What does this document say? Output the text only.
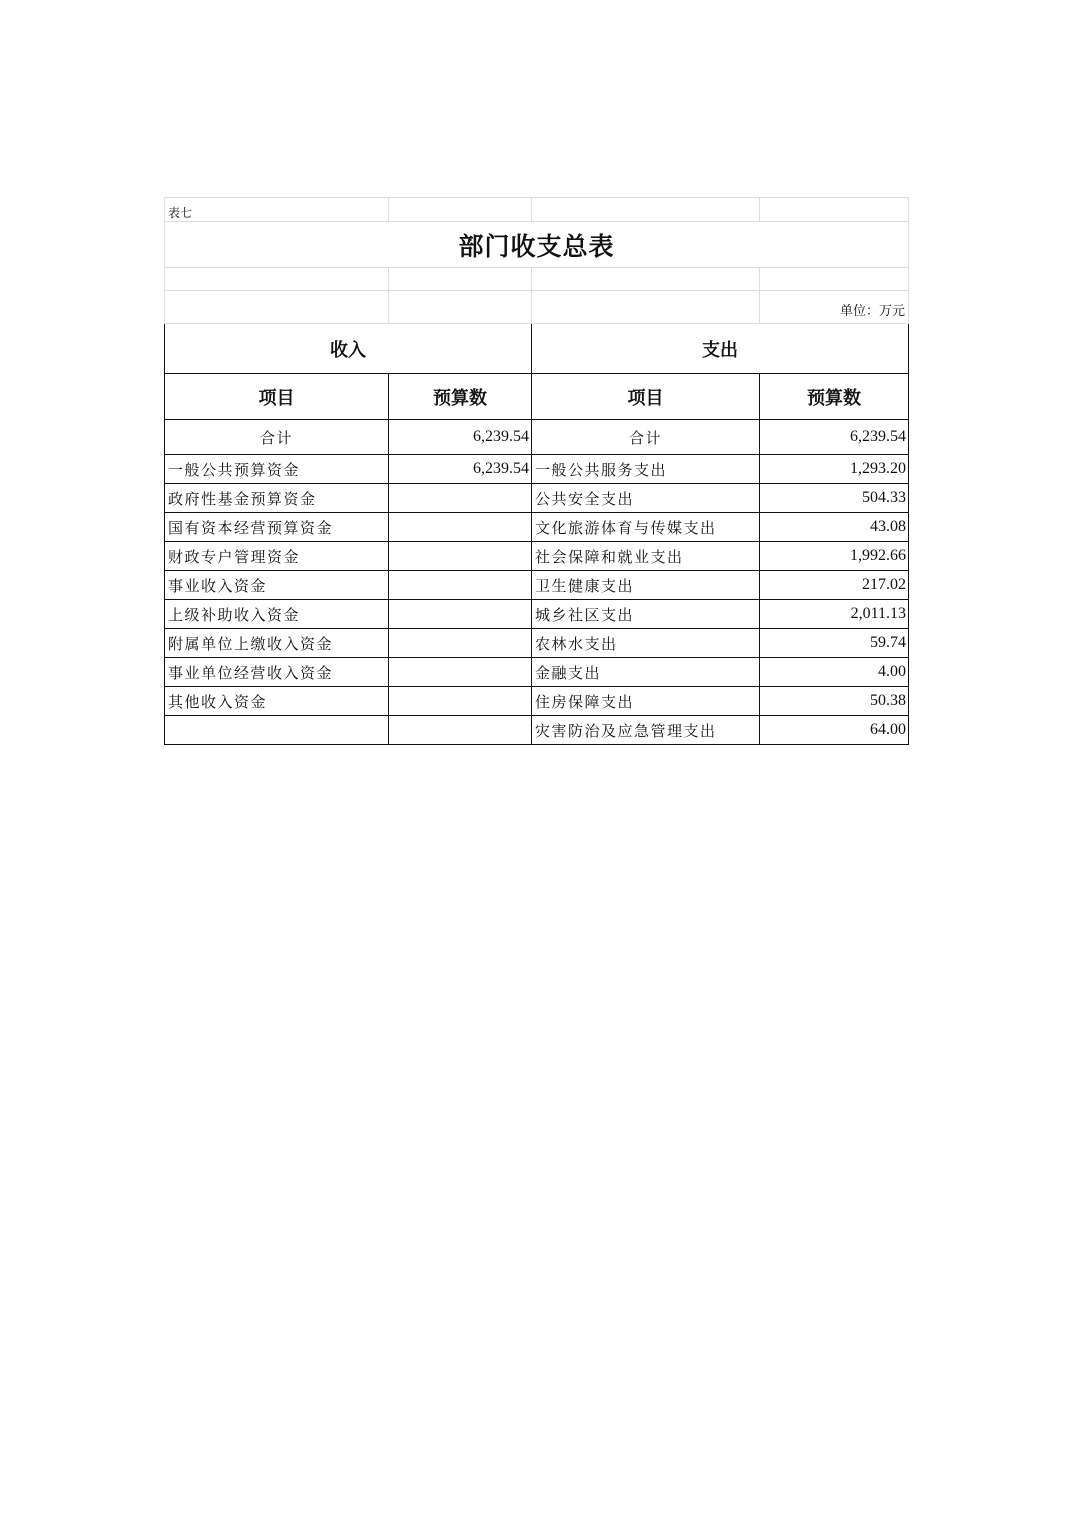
表七			
部门收支总表			

			单位：万元
收入		支出	
项目	预算数	项目	预算数
合计	6,239.54	合计	6,239.54
一般公共预算资金	6,239.54	一般公共服务支出	1,293.20
政府性基金预算资金		公共安全支出	504.33
国有资本经营预算资金		文化旅游体育与传媒支出	43.08
财政专户管理资金		社会保障和就业支出	1,992.66
事业收入资金		卫生健康支出	217.02
上级补助收入资金		城乡社区支出	2,011.13
附属单位上缴收入资金		农林水支出	59.74
事业单位经营收入资金		金融支出	4.00
其他收入资金		住房保障支出	50.38
		灾害防治及应急管理支出	64.00
